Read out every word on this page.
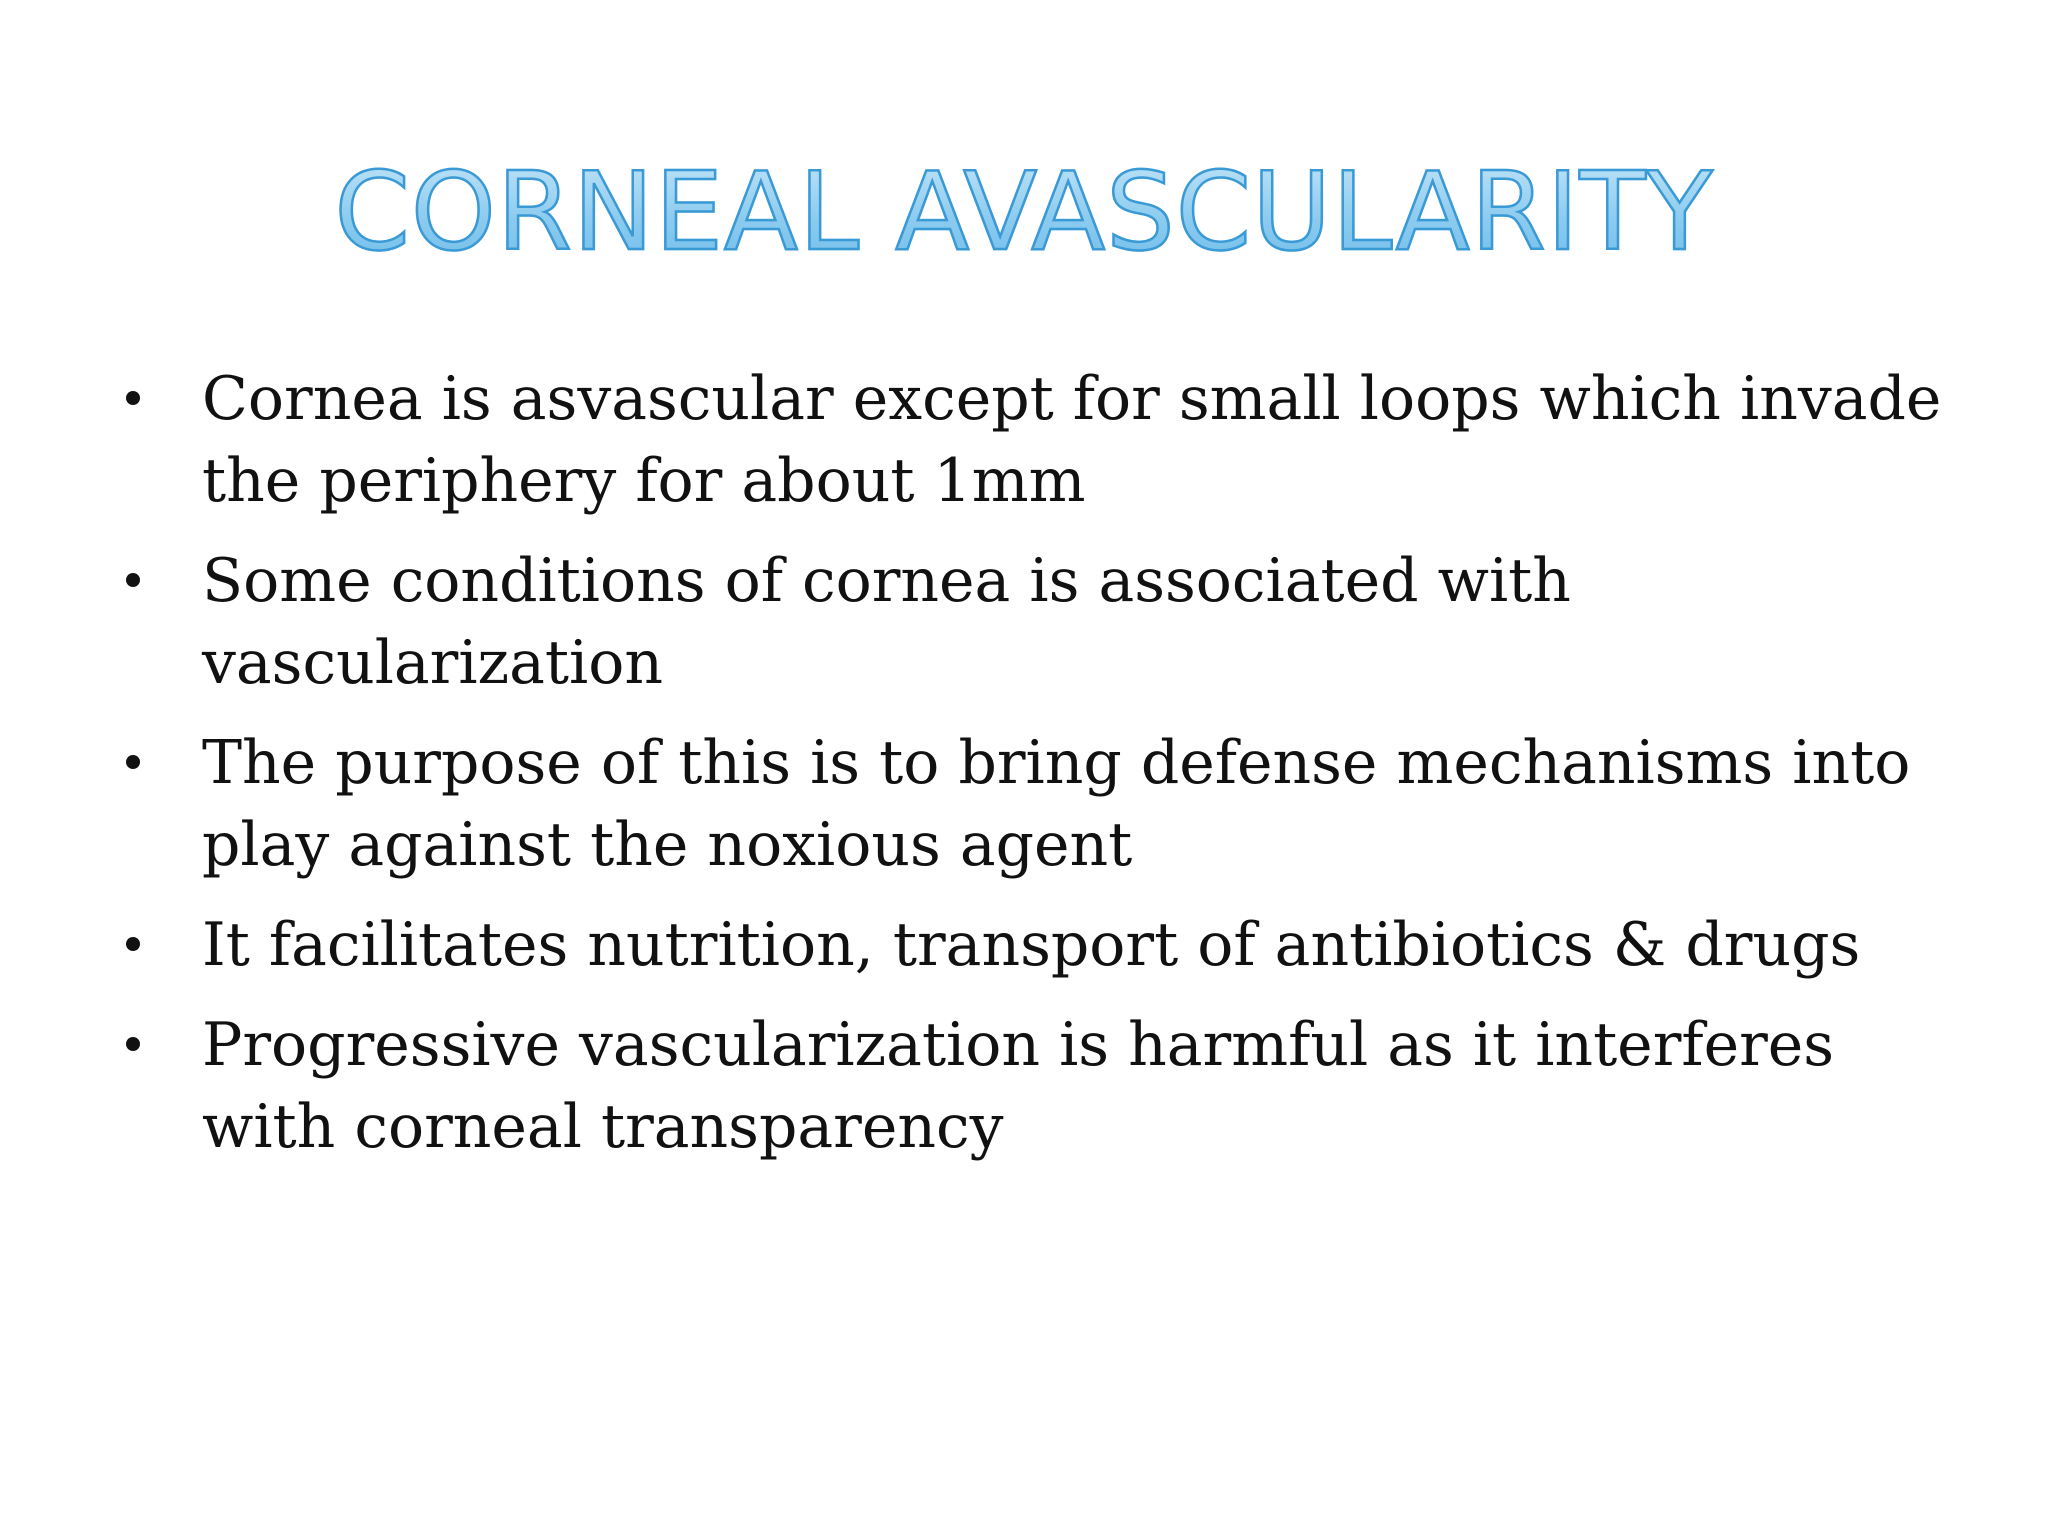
CORNEAL AVASCULARITY
Cornea is asvascular except for small loops which invade the periphery for about 1mm
Some conditions of cornea is associated with vascularization
The purpose of this is to bring defense mechanisms into play against the noxious agent
It facilitates nutrition, transport of antibiotics & drugs
Progressive vascularization is harmful as it interferes with corneal transparency
